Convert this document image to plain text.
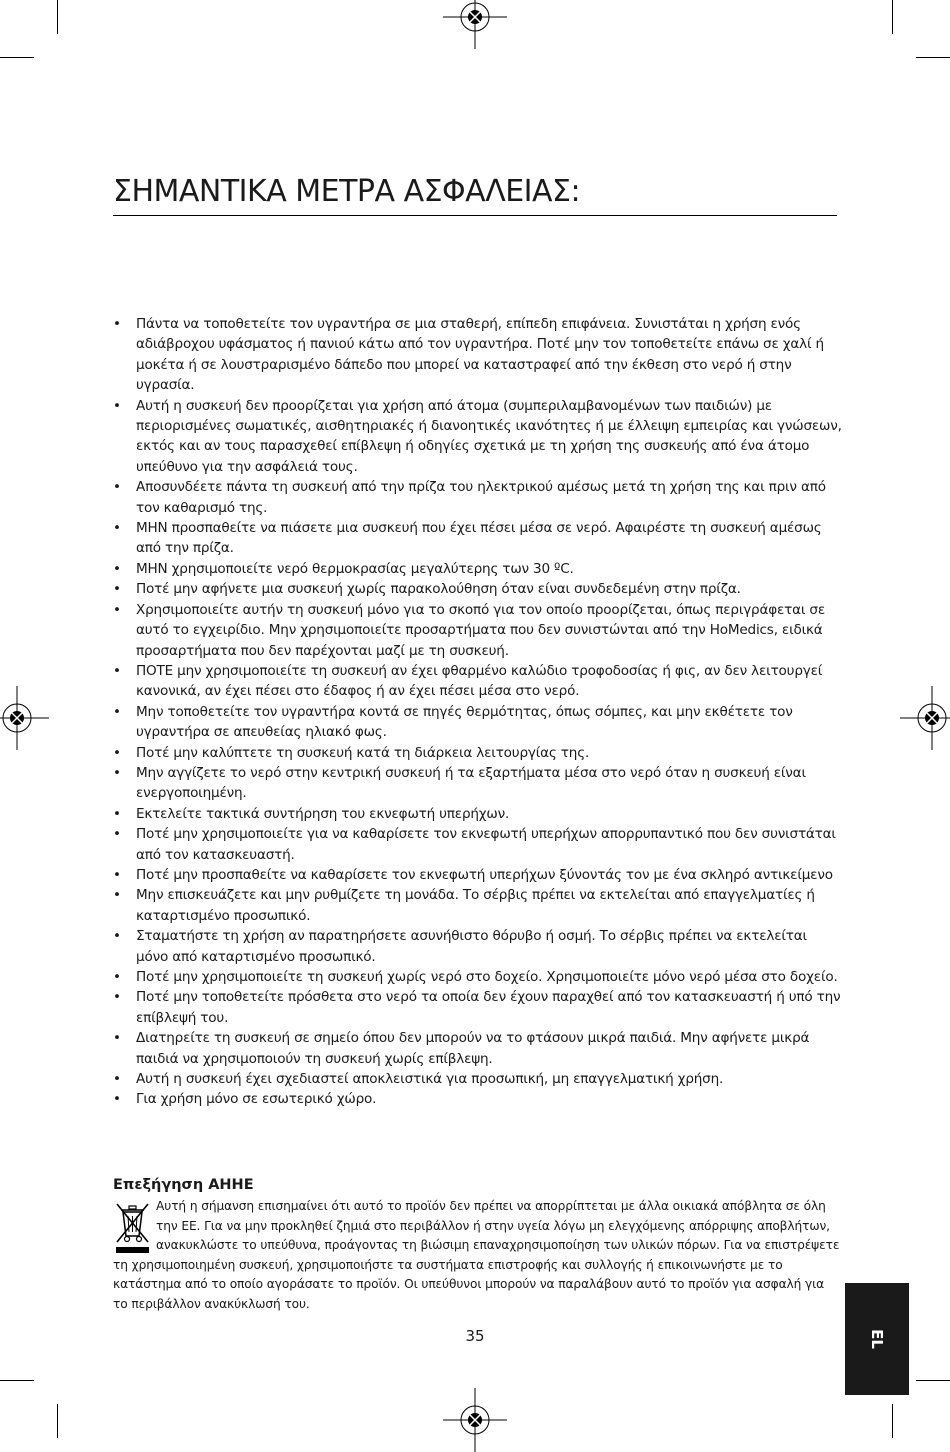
ΣΗΜΑΝΤΙΚΑ ΜΕΤΡΑ ΑΣΦΑΛΕΙΑΣ:
• Πάντα να τοποθετείτε τον υγραντήρα σε μια σταθερή, επίπεδη επιφάνεια. Συνιστάται η χρήση ενός αδιάβροχου υφάσματος ή πανιού κάτω από τον υγραντήρα. Ποτέ μην τον τοποθετείτε επάνω σε χαλί ή μοκέτα ή σε λουστραρισμένο δάπεδο που μπορεί να καταστραφεί από την έκθεση στο νερό ή στην υγρασία.
• Αυτή η συσκευή δεν προορίζεται για χρήση από άτομα (συμπεριλαμβανομένων των παιδιών) με περιορισμένες σωματικές, αισθητηριακές ή διανοητικές ικανότητες ή με έλλειψη εμπειρίας και γνώσεων, εκτός και αν τους παρασχεθεί επίβλεψη ή οδηγίες σχετικά με τη χρήση της συσκευής από ένα άτομο υπεύθυνο για την ασφάλειά τους.
• Αποσυνδέετε πάντα τη συσκευή από την πρίζα του ηλεκτρικού αμέσως μετά τη χρήση της και πριν από τον καθαρισμό της.
• ΜΗΝ προσπαθείτε να πιάσετε μια συσκευή που έχει πέσει μέσα σε νερό. Αφαιρέστε τη συσκευή αμέσως από την πρίζα.
• ΜΗΝ χρησιμοποιείτε νερό θερμοκρασίας μεγαλύτερης των 30 ºC.
• Ποτέ μην αφήνετε μια συσκευή χωρίς παρακολούθηση όταν είναι συνδεδεμένη στην πρίζα.
• Χρησιμοποιείτε αυτήν τη συσκευή μόνο για το σκοπό για τον οποίο προορίζεται, όπως περιγράφεται σε αυτό το εγχειρίδιο. Μην χρησιμοποιείτε προσαρτήματα που δεν συνιστώνται από την HoMedics, ειδικά προσαρτήματα που δεν παρέχονται μαζί με τη συσκευή.
• ΠΟΤΕ μην χρησιμοποιείτε τη συσκευή αν έχει φθαρμένο καλώδιο τροφοδοσίας ή φις, αν δεν λειτουργεί κανονικά, αν έχει πέσει στο έδαφος ή αν έχει πέσει μέσα στο νερό.
• Μην τοποθετείτε τον υγραντήρα κοντά σε πηγές θερμότητας, όπως σόμπες, και μην εκθέτετε τον υγραντήρα σε απευθείας ηλιακό φως.
• Ποτέ μην καλύπτετε τη συσκευή κατά τη διάρκεια λειτουργίας της.
• Μην αγγίζετε το νερό στην κεντρική συσκευή ή τα εξαρτήματα μέσα στο νερό όταν η συσκευή είναι ενεργοποιημένη.
• Εκτελείτε τακτικά συντήρηση του εκνεφωτή υπερήχων.
• Ποτέ μην χρησιμοποιείτε για να καθαρίσετε τον εκνεφωτή υπερήχων απορρυπαντικό που δεν συνιστάται από τον κατασκευαστή.
• Ποτέ μην προσπαθείτε να καθαρίσετε τον εκνεφωτή υπερήχων ξύνοντάς τον με ένα σκληρό αντικείμενο
• Μην επισκευάζετε και μην ρυθμίζετε τη μονάδα. Το σέρβις πρέπει να εκτελείται από επαγγελματίες ή καταρτισμένο προσωπικό.
• Σταματήστε τη χρήση αν παρατηρήσετε ασυνήθιστο θόρυβο ή οσμή. Το σέρβις πρέπει να εκτελείται μόνο από καταρτισμένο προσωπικό.
• Ποτέ μην χρησιμοποιείτε τη συσκευή χωρίς νερό στο δοχείο. Χρησιμοποιείτε μόνο νερό μέσα στο δοχείο.
• Ποτέ μην τοποθετείτε πρόσθετα στο νερό τα οποία δεν έχουν παραχθεί από τον κατασκευαστή ή υπό την επίβλεψή του.
• Διατηρείτε τη συσκευή σε σημείο όπου δεν μπορούν να το φτάσουν μικρά παιδιά. Μην αφήνετε μικρά παιδιά να χρησιμοποιούν τη συσκευή χωρίς επίβλεψη.
• Αυτή η συσκευή έχει σχεδιαστεί αποκλειστικά για προσωπική, μη επαγγελματική χρήση.
• Για χρήση μόνο σε εσωτερικό χώρο.
Επεξήγηση ΑΗΗΕ

Αυτή η σήμανση επισημαίνει ότι αυτό το προϊόν δεν πρέπει να απορρίπτεται με άλλα οικιακά απόβλητα σε όλη την ΕΕ. Για να μην προκληθεί ζημιά στο περιβάλλον ή στην υγεία λόγω μη ελεγχόμενης απόρριψης αποβλήτων, ανακυκλώστε το υπεύθυνα, προάγοντας τη βιώσιμη επαναχρησιμοποίηση των υλικών πόρων. Για να επιστρέψετε τη χρησιμοποιημένη συσκευή, χρησιμοποιήστε τα συστήματα επιστροφής και συλλογής ή επικοινωνήστε με το κατάστημα από το οποίο αγοράσατε το προϊόν. Οι υπεύθυνοι μπορούν να παραλάβουν αυτό το προϊόν για ασφαλή για το περιβάλλον ανακύκλωσή του.

35	EL
